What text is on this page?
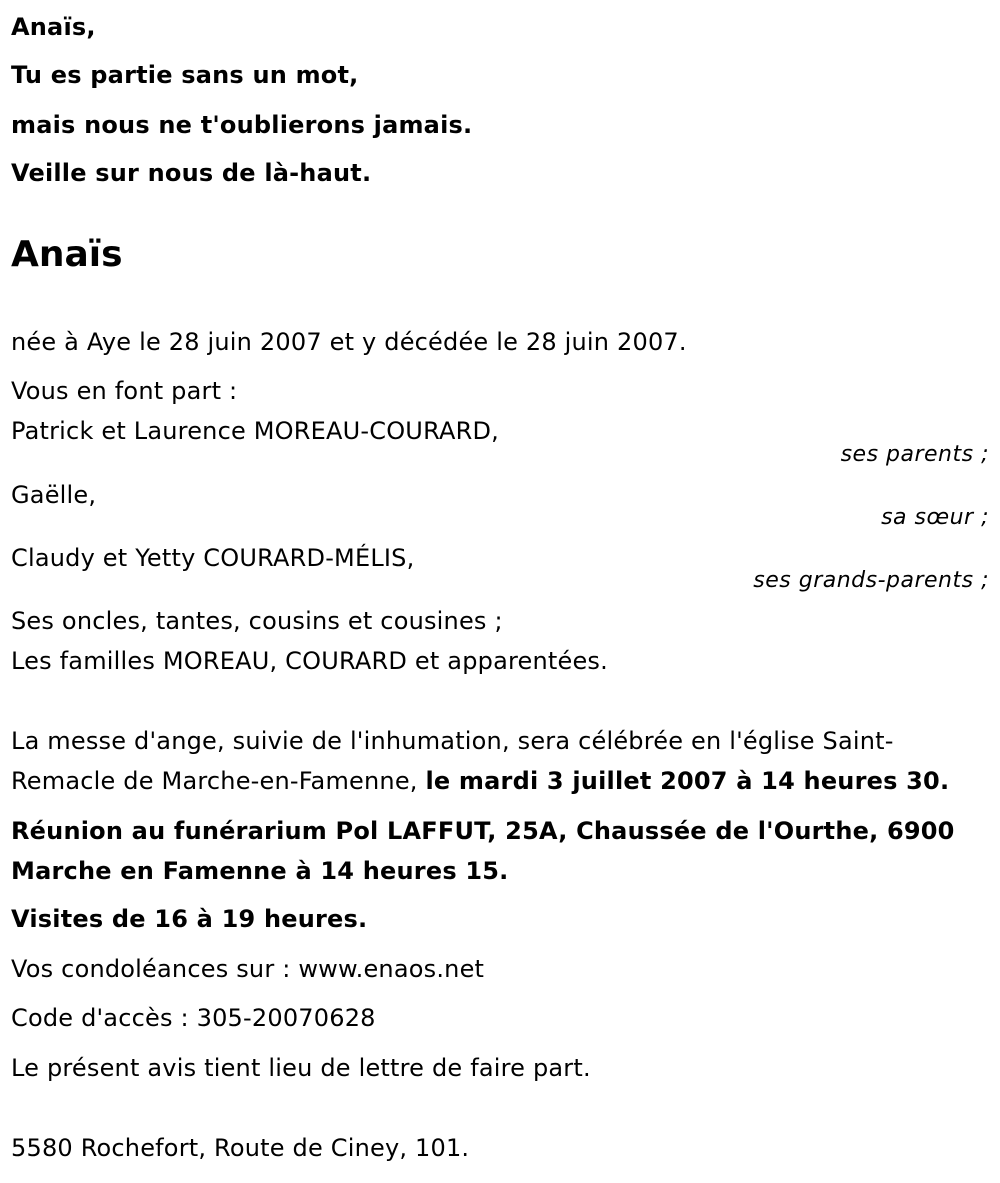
Anaïs,
Tu es partie sans un mot,
mais nous ne t'oublierons jamais.
Veille sur nous de là-haut.
Anaïs
née à Aye le 28 juin 2007 et y décédée le 28 juin 2007.
Vous en font part :
Patrick et Laurence MOREAU-COURARD,
ses parents ;
Gaëlle,
sa sœur ;
Claudy et Yetty COURARD-MÉLIS,
ses grands-parents ;
Ses oncles, tantes, cousins et cousines ;
Les familles MOREAU, COURARD et apparentées.
La messe d'ange, suivie de l'inhumation, sera célébrée en l'église Saint-
Remacle de Marche-en-Famenne, le mardi 3 juillet 2007 à 14 heures 30.
Réunion au funérarium Pol LAFFUT, 25A, Chaussée de l'Ourthe, 6900
Marche en Famenne à 14 heures 15.
Visites de 16 à 19 heures.
Vos condoléances sur : www.enaos.net
Code d'accès : 305-20070628
Le présent avis tient lieu de lettre de faire part.
5580 Rochefort, Route de Ciney, 101.
